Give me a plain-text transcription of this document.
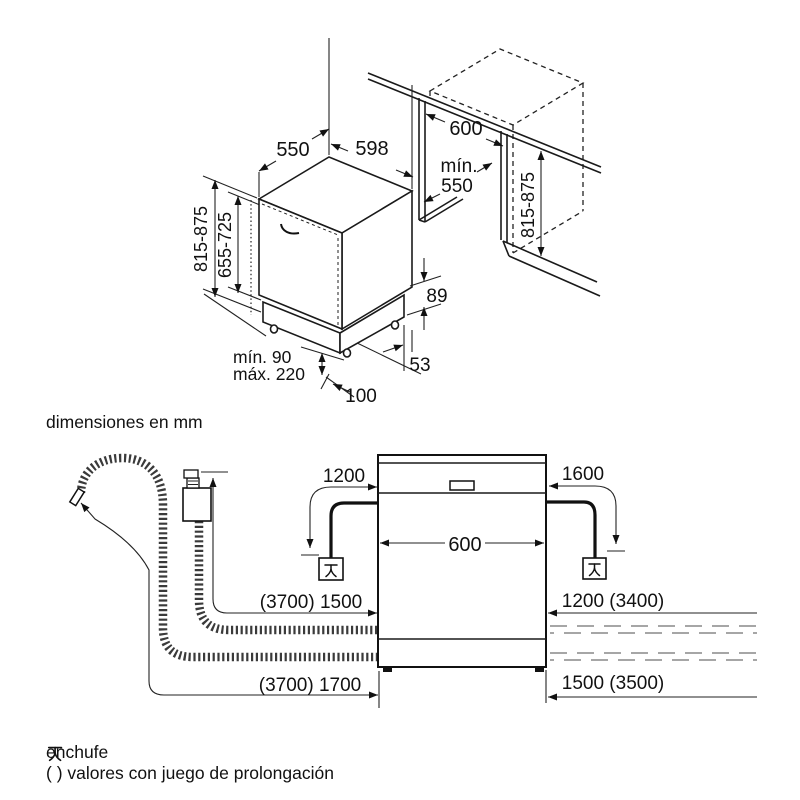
550 598
600
mín.
550
815-875 655-725
815-875
89
53
100
mín. 90
máx. 220
dimensiones en mm
1200	1600
600
(3700) 1500	1200 (3400)
(3700) 1700	1500 (3500)
enchufe
( ) valores con juego de prolongación
